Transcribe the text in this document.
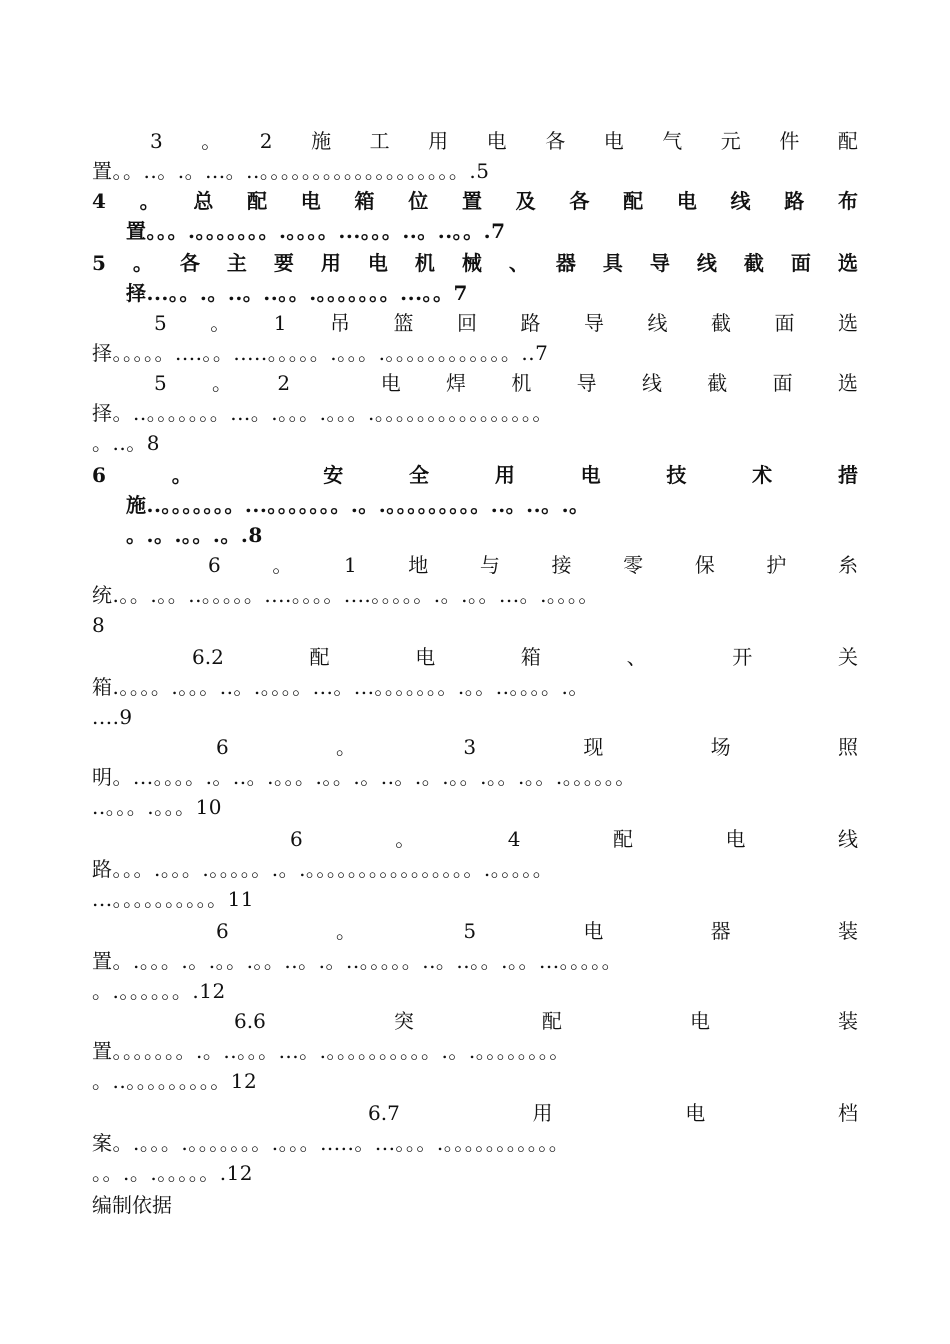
3 。 2 施 工 用 电 各 电 气 元 件 配
置。。..。.。...。..。。。。。。。。。。。。。。。。。。。.5
4 。 总 配 电 箱 位 置 及 各 配 电 线 路 布
置。。。.。。。。。。。.。。。。...。。。..。..。。.7
5 。 各 主 要 用 电 机 械 、 器 具 导 线 截 面 选
择...。。.。..。..。。.。。。。。。。...。。7
5 。 1 吊 篮 回 路 导 线 截 面 选
择。。。。。....。。.....。。。。。.。。。.。。。。。。。。。。。。..7
5 。 2	电 焊 机 导 线 截 面 选
择。..。。。。。。。...。.。。。.。。。.。。。。。。。。。。。。。。。。
。..。8
6	。	安	全	用	电	技	术	措
施..。。。。。。。...。。。。。。。.。.。。。。。。。。。..。..。.。
。.。.。。.。.8
6	。	1	地	与	接	零	保	护	糸
统.。。.。。..。。。。。....。。。。....。。。。。.。.。。...。.。。。。
8
6.2	配	电	箱	、	开	关
箱.。。。。.。。。..。.。。。。...。...。。。。。。。.。。..。。。。.。
....9
6	。	3	现	场	照
明。...。。。。.。..。.。。。.。。.。..。.。.。。.。。.。。.。。。。。。
..。。。.。。。10
6	。	4	配	电	线
路。。。.。。。.。。。。。.。.。。。。。。。。。。。。。。。。.。。。。。
...。。。。。。。。。。11
6	。	5	电	器	装
置。.。。。.。.。。.。。..。.。..。。。。。..。..。。.。。...。。。。。
。.。。。。。。.12
6.6	突	配	电	装
置。。。。。。。.。..。。。...。.。。。。。。。。。。.。.。。。。。。。。
。..。。。。。。。。。12
6.7	用	电	档
案。.。。。.。。。。。。。.。。。.....。...。。。.。。。。。。。。。。。
。。.。.。。。。。.12
编制依据
